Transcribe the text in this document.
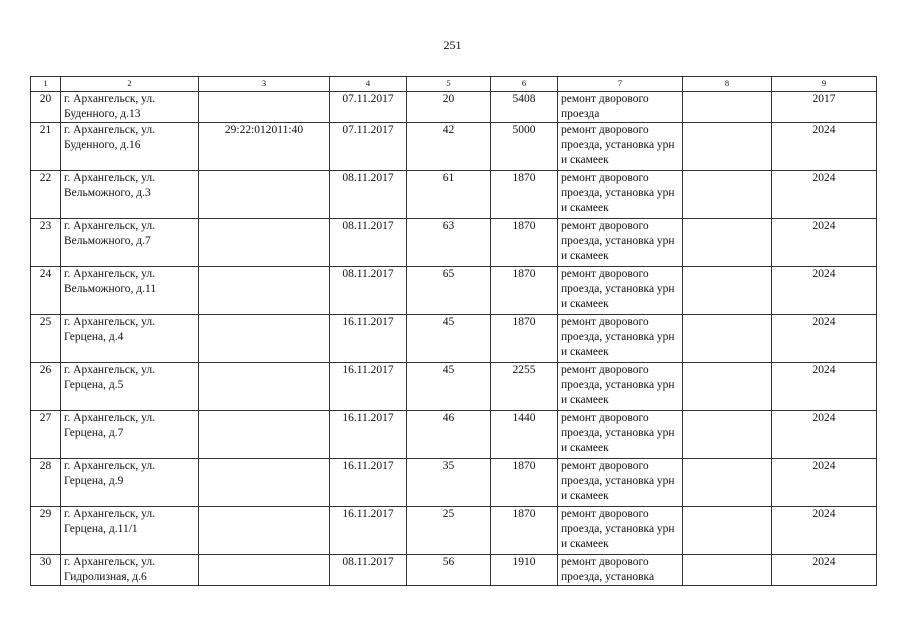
251
1	2	3	4	5	6	7	8	9
20	г. Архангельск, ул. Буденного, д.13		07.11.2017	20	5408	ремонт дворового проезда		2017
21	г. Архангельск, ул. Буденного, д.16	29:22:012011:40	07.11.2017	42	5000	ремонт дворового проезда, установка урн и скамеек		2024
22	г. Архангельск, ул. Вельможного, д.3		08.11.2017	61	1870	ремонт дворового проезда, установка урн и скамеек		2024
23	г. Архангельск, ул. Вельможного, д.7		08.11.2017	63	1870	ремонт дворового проезда, установка урн и скамеек		2024
24	г. Архангельск, ул. Вельможного, д.11		08.11.2017	65	1870	ремонт дворового проезда, установка урн и скамеек		2024
25	г. Архангельск, ул. Герцена, д.4		16.11.2017	45	1870	ремонт дворового проезда, установка урн и скамеек		2024
26	г. Архангельск, ул. Герцена, д.5		16.11.2017	45	2255	ремонт дворового проезда, установка урн и скамеек		2024
27	г. Архангельск, ул. Герцена, д.7		16.11.2017	46	1440	ремонт дворового проезда, установка урн и скамеек		2024
28	г. Архангельск, ул. Герцена, д.9		16.11.2017	35	1870	ремонт дворового проезда, установка урн и скамеек		2024
29	г. Архангельск, ул. Герцена, д.11/1		16.11.2017	25	1870	ремонт дворового проезда, установка урн и скамеек		2024
30	г. Архангельск, ул. Гидролизная, д.6		08.11.2017	56	1910	ремонт дворового проезда, установка		2024
